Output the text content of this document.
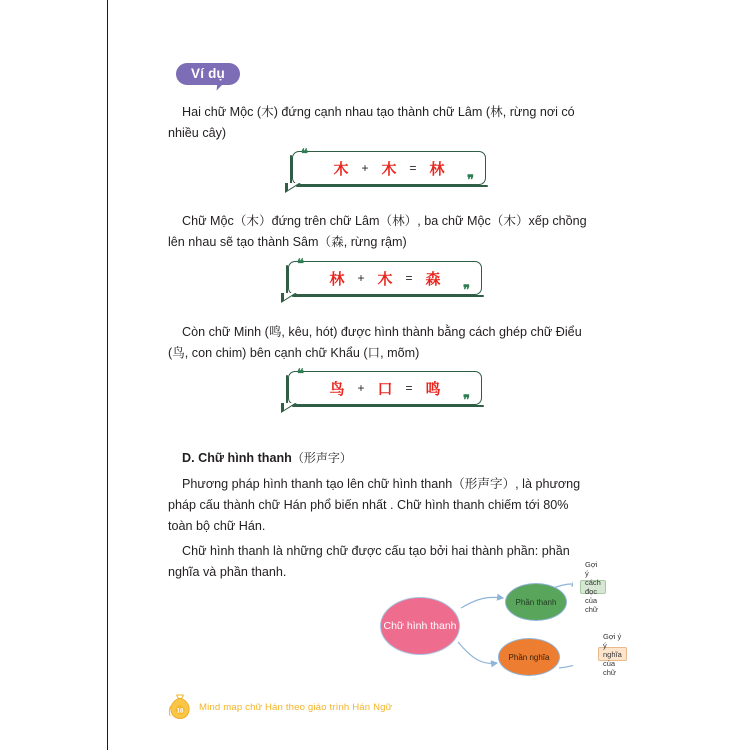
Ví dụ
Hai chữ Mộc (木) đứng cạnh nhau tạo thành chữ Lâm (林, rừng nơi có nhiều cây)
❝
❞
木 + 木 = 林
Chữ Mộc（木）đứng trên chữ Lâm（林）, ba chữ Mộc（木）xếp chồng lên nhau sẽ tạo thành Sâm（森, rừng rậm)
❝
❞
林 + 木 = 森
Còn chữ Minh (鸣, kêu, hót) được hình thành bằng cách ghép chữ Điểu (鸟, con chim) bên cạnh chữ Khẩu (口, mõm)
❝
❞
鸟 + 口 = 鸣
D. Chữ hình thanh（形声字）
Phương pháp hình thanh tạo lên chữ hình thanh（形声字）, là phương pháp cấu thành chữ Hán phổ biến nhất . Chữ hình thanh chiếm tới 80% toàn bộ chữ Hán.
Chữ hình thanh là những chữ được cấu tạo bởi hai thành phần: phần nghĩa và phần thanh.
Chữ hình thanh
Phần thanh
Phần nghĩa
Gợi ý cách đọc của chữ
Gợi ý ý nghĩa của chữ
18 Mind map chữ Hán theo giáo trình Hán Ngữ
